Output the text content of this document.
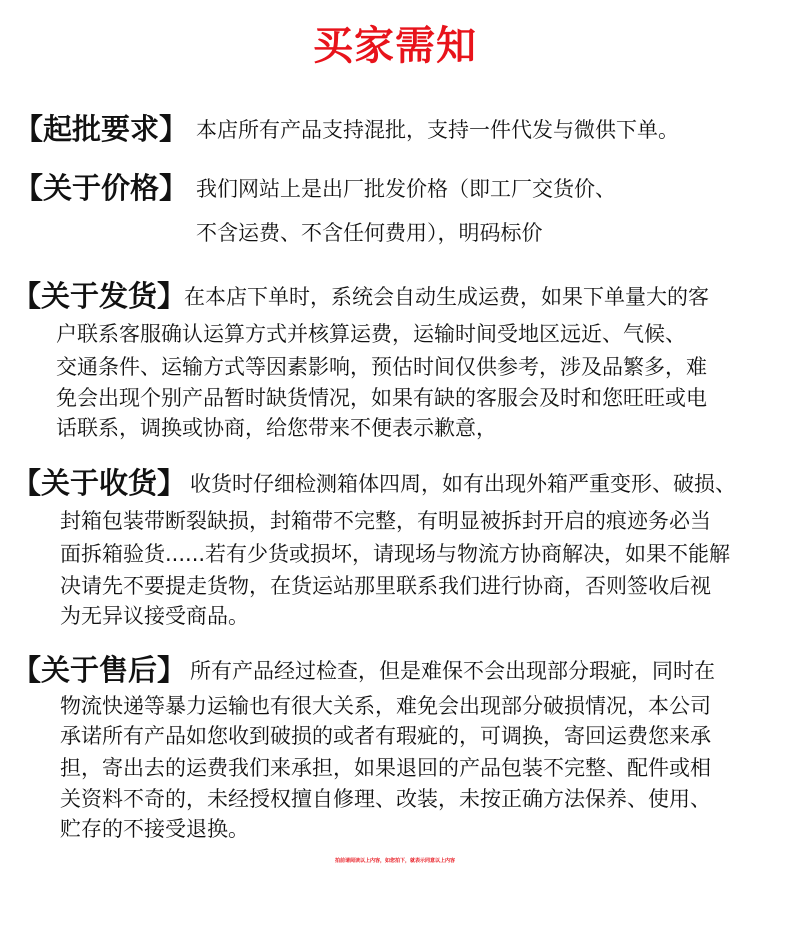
买家需知
【起批要求】 本店所有产品支持混批，支持一件代发与微供下单。
【关于价格】 我们网站上是出厂批发价格（即工厂交货价、
不含运费、不含任何费用），明码标价
【关于发货】
在本店下单时，系统会自动生成运费，如果下单量大的客
户联系客服确认运算方式并核算运费，运输时间受地区远近、气候、
交通条件、运输方式等因素影响，预估时间仅供参考，涉及品繁多，难
免会出现个别产品暂时缺货情况，如果有缺的客服会及时和您旺旺或电
话联系，调换或协商，给您带来不便表示歉意，
【关于收货】 收货时仔细检测箱体四周，如有出现外箱严重变形、破损、
封箱包装带断裂缺损，封箱带不完整，有明显被拆封开启的痕迹务必当
面拆箱验货......若有少货或损坏，请现场与物流方协商解决，如果不能解
决请先不要提走货物，在货运站那里联系我们进行协商，否则签收后视
为无异议接受商品。
【关于售后】 所有产品经过检查，但是难保不会出现部分瑕疵，同时在
物流快递等暴力运输也有很大关系，难免会出现部分破损情况，本公司
承诺所有产品如您收到破损的或者有瑕疵的，可调换，寄回运费您来承
担，寄出去的运费我们来承担，如果退回的产品包装不完整、配件或相
关资料不奇的，未经授权擅自修理、改装，未按正确方法保养、使用、
贮存的不接受退换。
拍前请阅读以上内容，如您拍下，就表示同意以上内容
